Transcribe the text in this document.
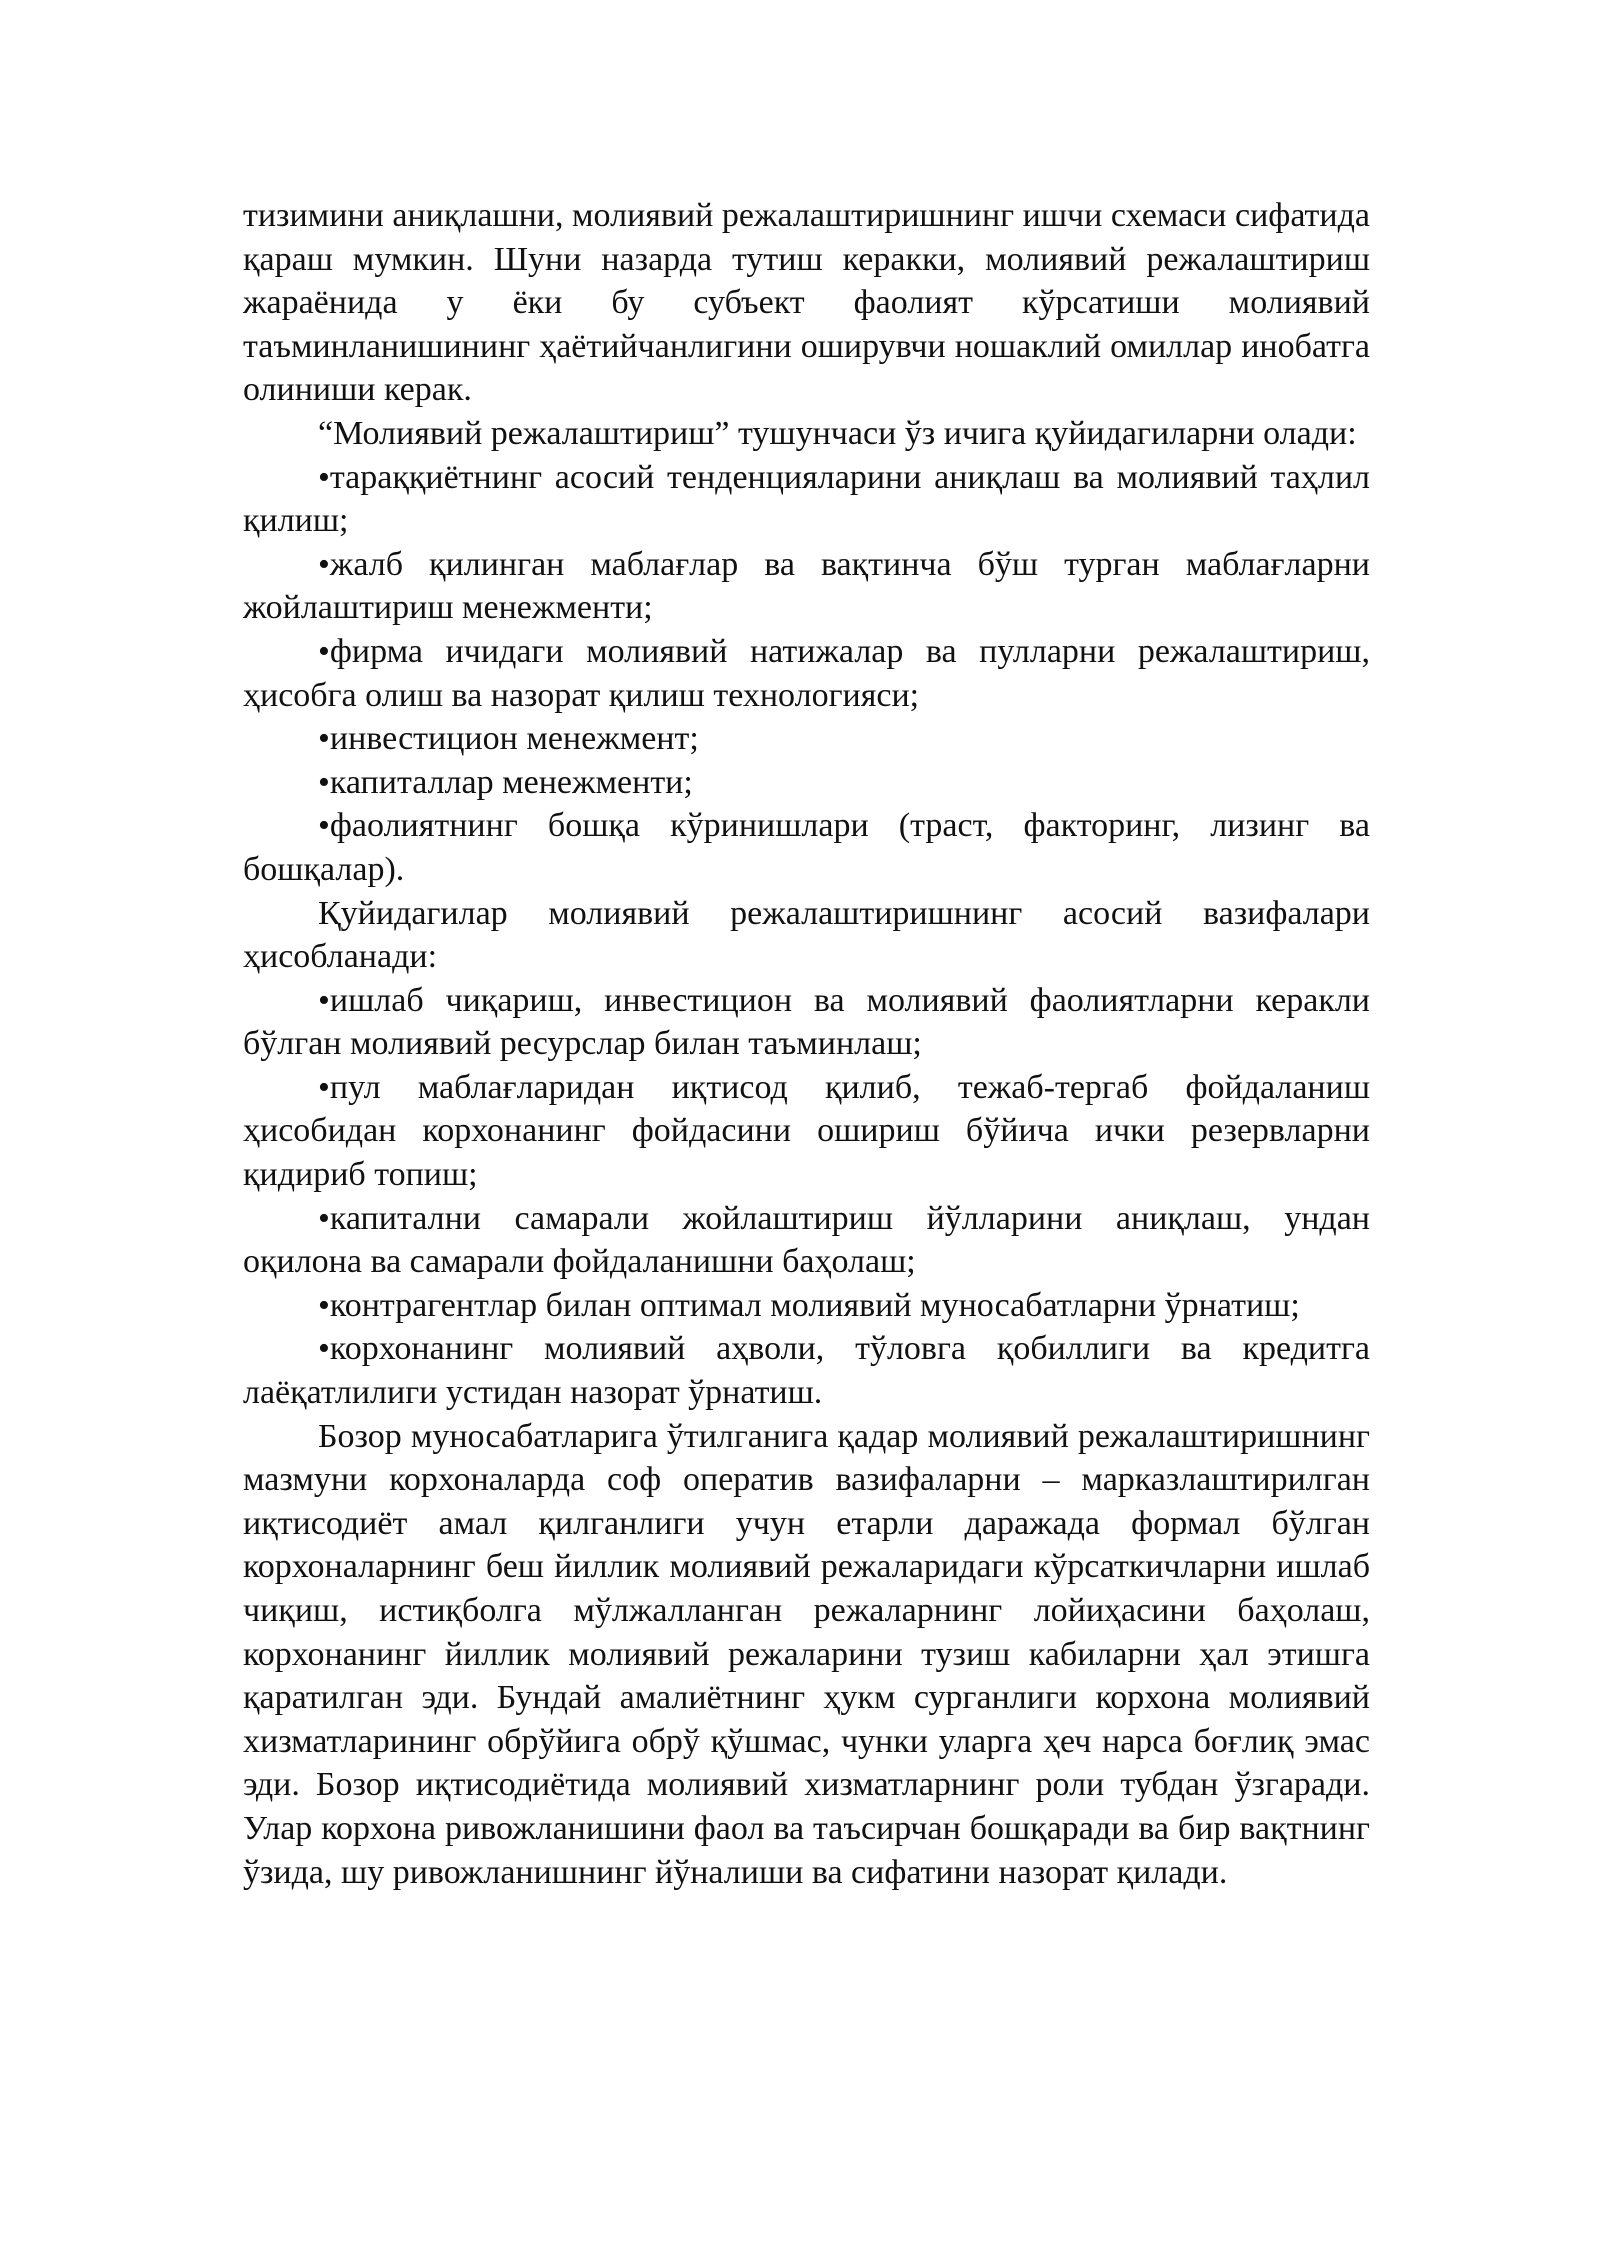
тизимини аниқлашни, молиявий режалаштиришнинг ишчи схемаси сифатида қараш мумкин. Шуни назарда тутиш керакки, молиявий режалаштириш жараёнида у ёки бу субъект фаолият кўрсатиши молиявий таъминланишининг ҳаётийчанлигини оширувчи ношаклий омиллар инобатга олиниши керак.

“Молиявий режалаштириш” тушунчаси ўз ичига қуйидагиларни олади:

•тараққиётнинг асосий тенденцияларини аниқлаш ва молиявий таҳлил қилиш;

•жалб қилинган маблағлар ва вақтинча бўш турган маблағларни жойлаштириш менежменти;

•фирма ичидаги молиявий натижалар ва пулларни режалаштириш, ҳисобга олиш ва назорат қилиш технологияси;

•инвестицион менежмент;

•капиталлар менежменти;

•фаолиятнинг бошқа кўринишлари (траст, факторинг, лизинг ва бошқалар).

Қуйидагилар молиявий режалаштиришнинг асосий вазифалари ҳисобланади:

•ишлаб чиқариш, инвестицион ва молиявий фаолиятларни керакли бўлган молиявий ресурслар билан таъминлаш;

•пул маблағларидан иқтисод қилиб, тежаб-тергаб фойдаланиш ҳисобидан корхонанинг фойдасини ошириш бўйича ички резервларни қидириб топиш;

•капитални самарали жойлаштириш йўлларини аниқлаш, ундан оқилона ва самарали фойдаланишни баҳолаш;

•контрагентлар билан оптимал молиявий муносабатларни ўрнатиш;

•корхонанинг молиявий аҳволи, тўловга қобиллиги ва кредитга лаёқатлилиги устидан назорат ўрнатиш.

Бозор муносабатларига ўтилганига қадар молиявий режалаштиришнинг мазмуни корхоналарда соф оператив вазифаларни – марказлаштирилган иқтисодиёт амал қилганлиги учун етарли даражада формал бўлган корхоналарнинг беш йиллик молиявий режаларидаги кўрсаткичларни ишлаб чиқиш, истиқболга мўлжалланган режаларнинг лойиҳасини баҳолаш, корхонанинг йиллик молиявий режаларини тузиш кабиларни ҳал этишга қаратилган эди. Бундай амалиётнинг ҳукм сурганлиги корхона молиявий хизматларининг обрўйига обрў қўшмас, чунки уларга ҳеч нарса боғлиқ эмас эди. Бозор иқтисодиётида молиявий хизматларнинг роли тубдан ўзгаради. Улар корхона ривожланишини фаол ва таъсирчан бошқаради ва бир вақтнинг ўзида, шу ривожланишнинг йўналиши ва сифатини назорат қилади.
